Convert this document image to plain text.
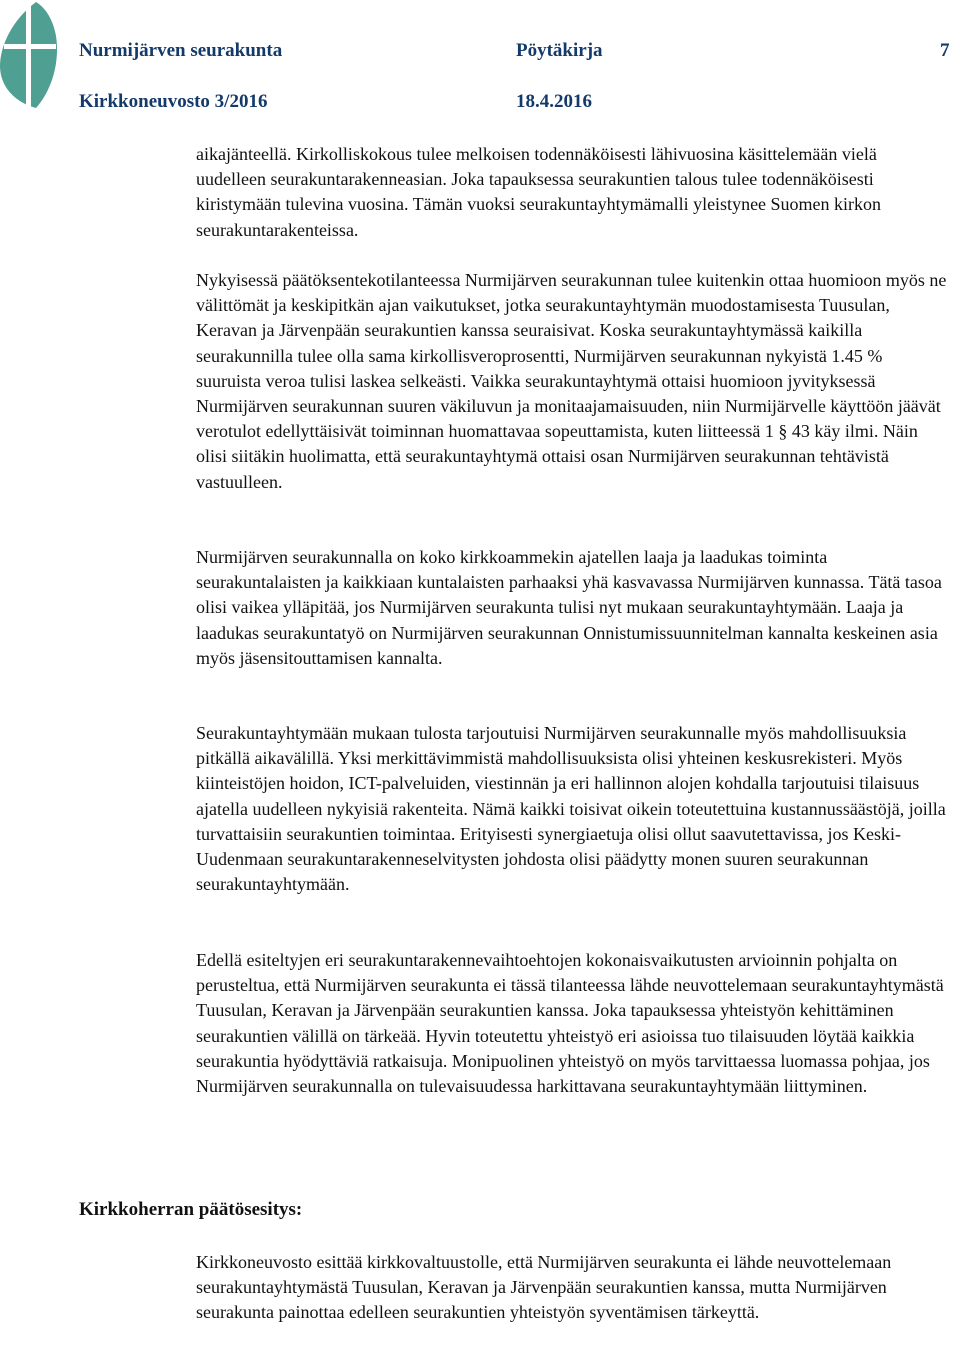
Nurmijärven seurakunta	Pöytäkirja	7
Kirkkoneuvosto 3/2016	18.4.2016

aikajänteellä. Kirkolliskokous tulee melkoisen todennäköisesti lähivuosina käsittelemään vielä uudelleen seurakuntarakenneasian. Joka tapauksessa seurakuntien talous tulee todennäköisesti kiristymään tulevina vuosina. Tämän vuoksi seurakuntayhtymämalli yleistynee Suomen kirkon seurakuntarakenteissa.

Nykyisessä päätöksentekotilanteessa Nurmijärven seurakunnan tulee kuitenkin ottaa huomioon myös ne välittömät ja keskipitkän ajan vaikutukset, jotka seurakuntayhtymän muodostamisesta Tuusulan, Keravan ja Järvenpään seurakuntien kanssa seuraisivat. Koska seurakuntayhtymässä kaikilla seurakunnilla tulee olla sama kirkollisveroprosentti, Nurmijärven seurakunnan nykyistä 1.45 % suuruista veroa tulisi laskea selkeästi. Vaikka seurakuntayhtymä ottaisi huomioon jyvityksessä Nurmijärven seurakunnan suuren väkiluvun ja monitaajamaisuuden, niin Nurmijärvelle käyttöön jäävät verotulot edellyttäisivät toiminnan huomattavaa sopeuttamista, kuten liitteessä 1 § 43 käy ilmi. Näin olisi siitäkin huolimatta, että seurakuntayhtymä ottaisi osan Nurmijärven seurakunnan tehtävistä vastuulleen.

Nurmijärven seurakunnalla on koko kirkkoammekin ajatellen laaja ja laadukas toiminta seurakuntalaisten ja kaikkiaan kuntalaisten parhaaksi yhä kasvavassa Nurmijärven kunnassa. Tätä tasoa olisi vaikea ylläpitää, jos Nurmijärven seurakunta tulisi nyt mukaan seurakuntayhtymään. Laaja ja laadukas seurakuntatyö on Nurmijärven seurakunnan Onnistumissuunnitelman kannalta keskeinen asia myös jäsensitouttamisen kannalta.

Seurakuntayhtymään mukaan tulosta tarjoutuisi Nurmijärven seurakunnalle myös mahdollisuuksia pitkällä aikavälillä. Yksi merkittävimmistä mahdollisuuksista olisi yhteinen keskusrekisteri. Myös kiinteistöjen hoidon, ICT-palveluiden, viestinnän ja eri hallinnon alojen kohdalla tarjoutuisi tilaisuus ajatella uudelleen nykyisiä rakenteita. Nämä kaikki toisivat oikein toteutettuina kustannussäästöjä, joilla turvattaisiin seurakuntien toimintaa. Erityisesti synergiaetuja olisi ollut saavutettavissa, jos Keski-Uudenmaan seurakuntarakenneselvitysten johdosta olisi päädytty monen suuren seurakunnan seurakuntayhtymään.

Edellä esiteltyjen eri seurakuntarakennevaihtoehtojen kokonaisvaikutusten arvioinnin pohjalta on perusteltua, että Nurmijärven seurakunta ei tässä tilanteessa lähde neuvottelemaan seurakuntayhtymästä Tuusulan, Keravan ja Järvenpään seurakuntien kanssa. Joka tapauksessa yhteistyön kehittäminen seurakuntien välillä on tärkeää. Hyvin toteutettu yhteistyö eri asioissa tuo tilaisuuden löytää kaikkia seurakuntia hyödyttäviä ratkaisuja. Monipuolinen yhteistyö on myös tarvittaessa luomassa pohjaa, jos Nurmijärven seurakunnalla on tulevaisuudessa harkittavana seurakuntayhtymään liittyminen.

Kirkkoherran päätösesitys:

Kirkkoneuvosto esittää kirkkovaltuustolle, että Nurmijärven seurakunta ei lähde neuvottelemaan seurakuntayhtymästä Tuusulan, Keravan ja Järvenpään seurakuntien kanssa, mutta Nurmijärven seurakunta painottaa edelleen seurakuntien yhteistyön syventämisen tärkeyttä.
